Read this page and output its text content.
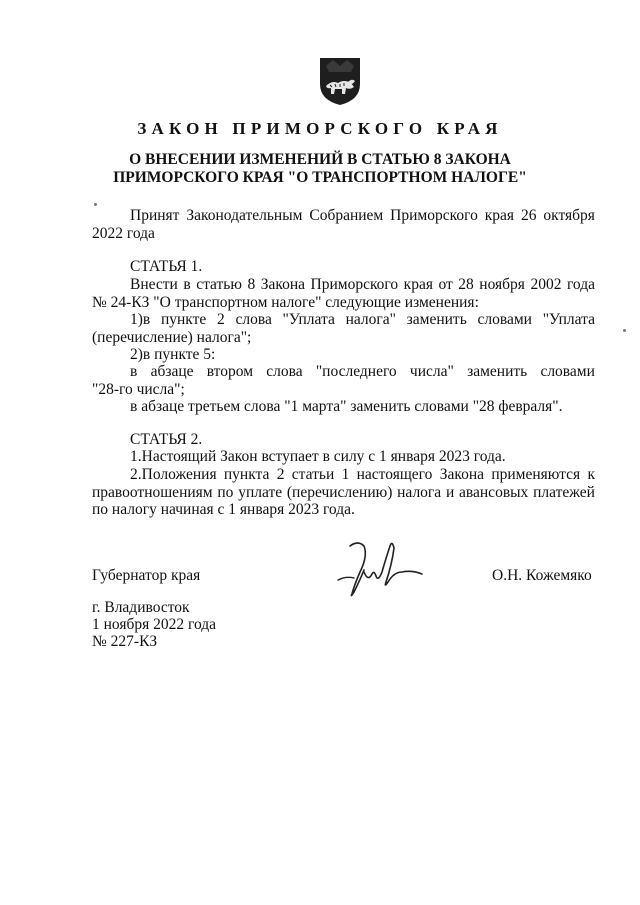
ЗАКОН ПРИМОРСКОГО КРАЯ
О ВНЕСЕНИИ ИЗМЕНЕНИЙ В СТАТЬЮ 8 ЗАКОНА
ПРИМОРСКОГО КРАЯ "О ТРАНСПОРТНОМ НАЛОГЕ"
Принят Законодательным Собранием Приморского края 26 октября
2022 года
СТАТЬЯ 1.
Внести в статью 8 Закона Приморского края от 28 ноября 2002 года
№ 24-КЗ "О транспортном налоге" следующие изменения:
1)в пункте 2 слова "Уплата налога" заменить словами "Уплата
(перечисление) налога";
2)в пункте 5:
в абзаце втором слова "последнего числа" заменить словами
"28-го числа";
в абзаце третьем слова "1 марта" заменить словами "28 февраля".
СТАТЬЯ 2.
1.Настоящий Закон вступает в силу с 1 января 2023 года.
2.Положения пункта 2 статьи 1 настоящего Закона применяются к
правоотношениям по уплате (перечислению) налога и авансовых платежей
по налогу начиная с 1 января 2023 года.
Губернатор края	О.Н. Кожемяко
г. Владивосток
1 ноября 2022 года
№ 227-КЗ
